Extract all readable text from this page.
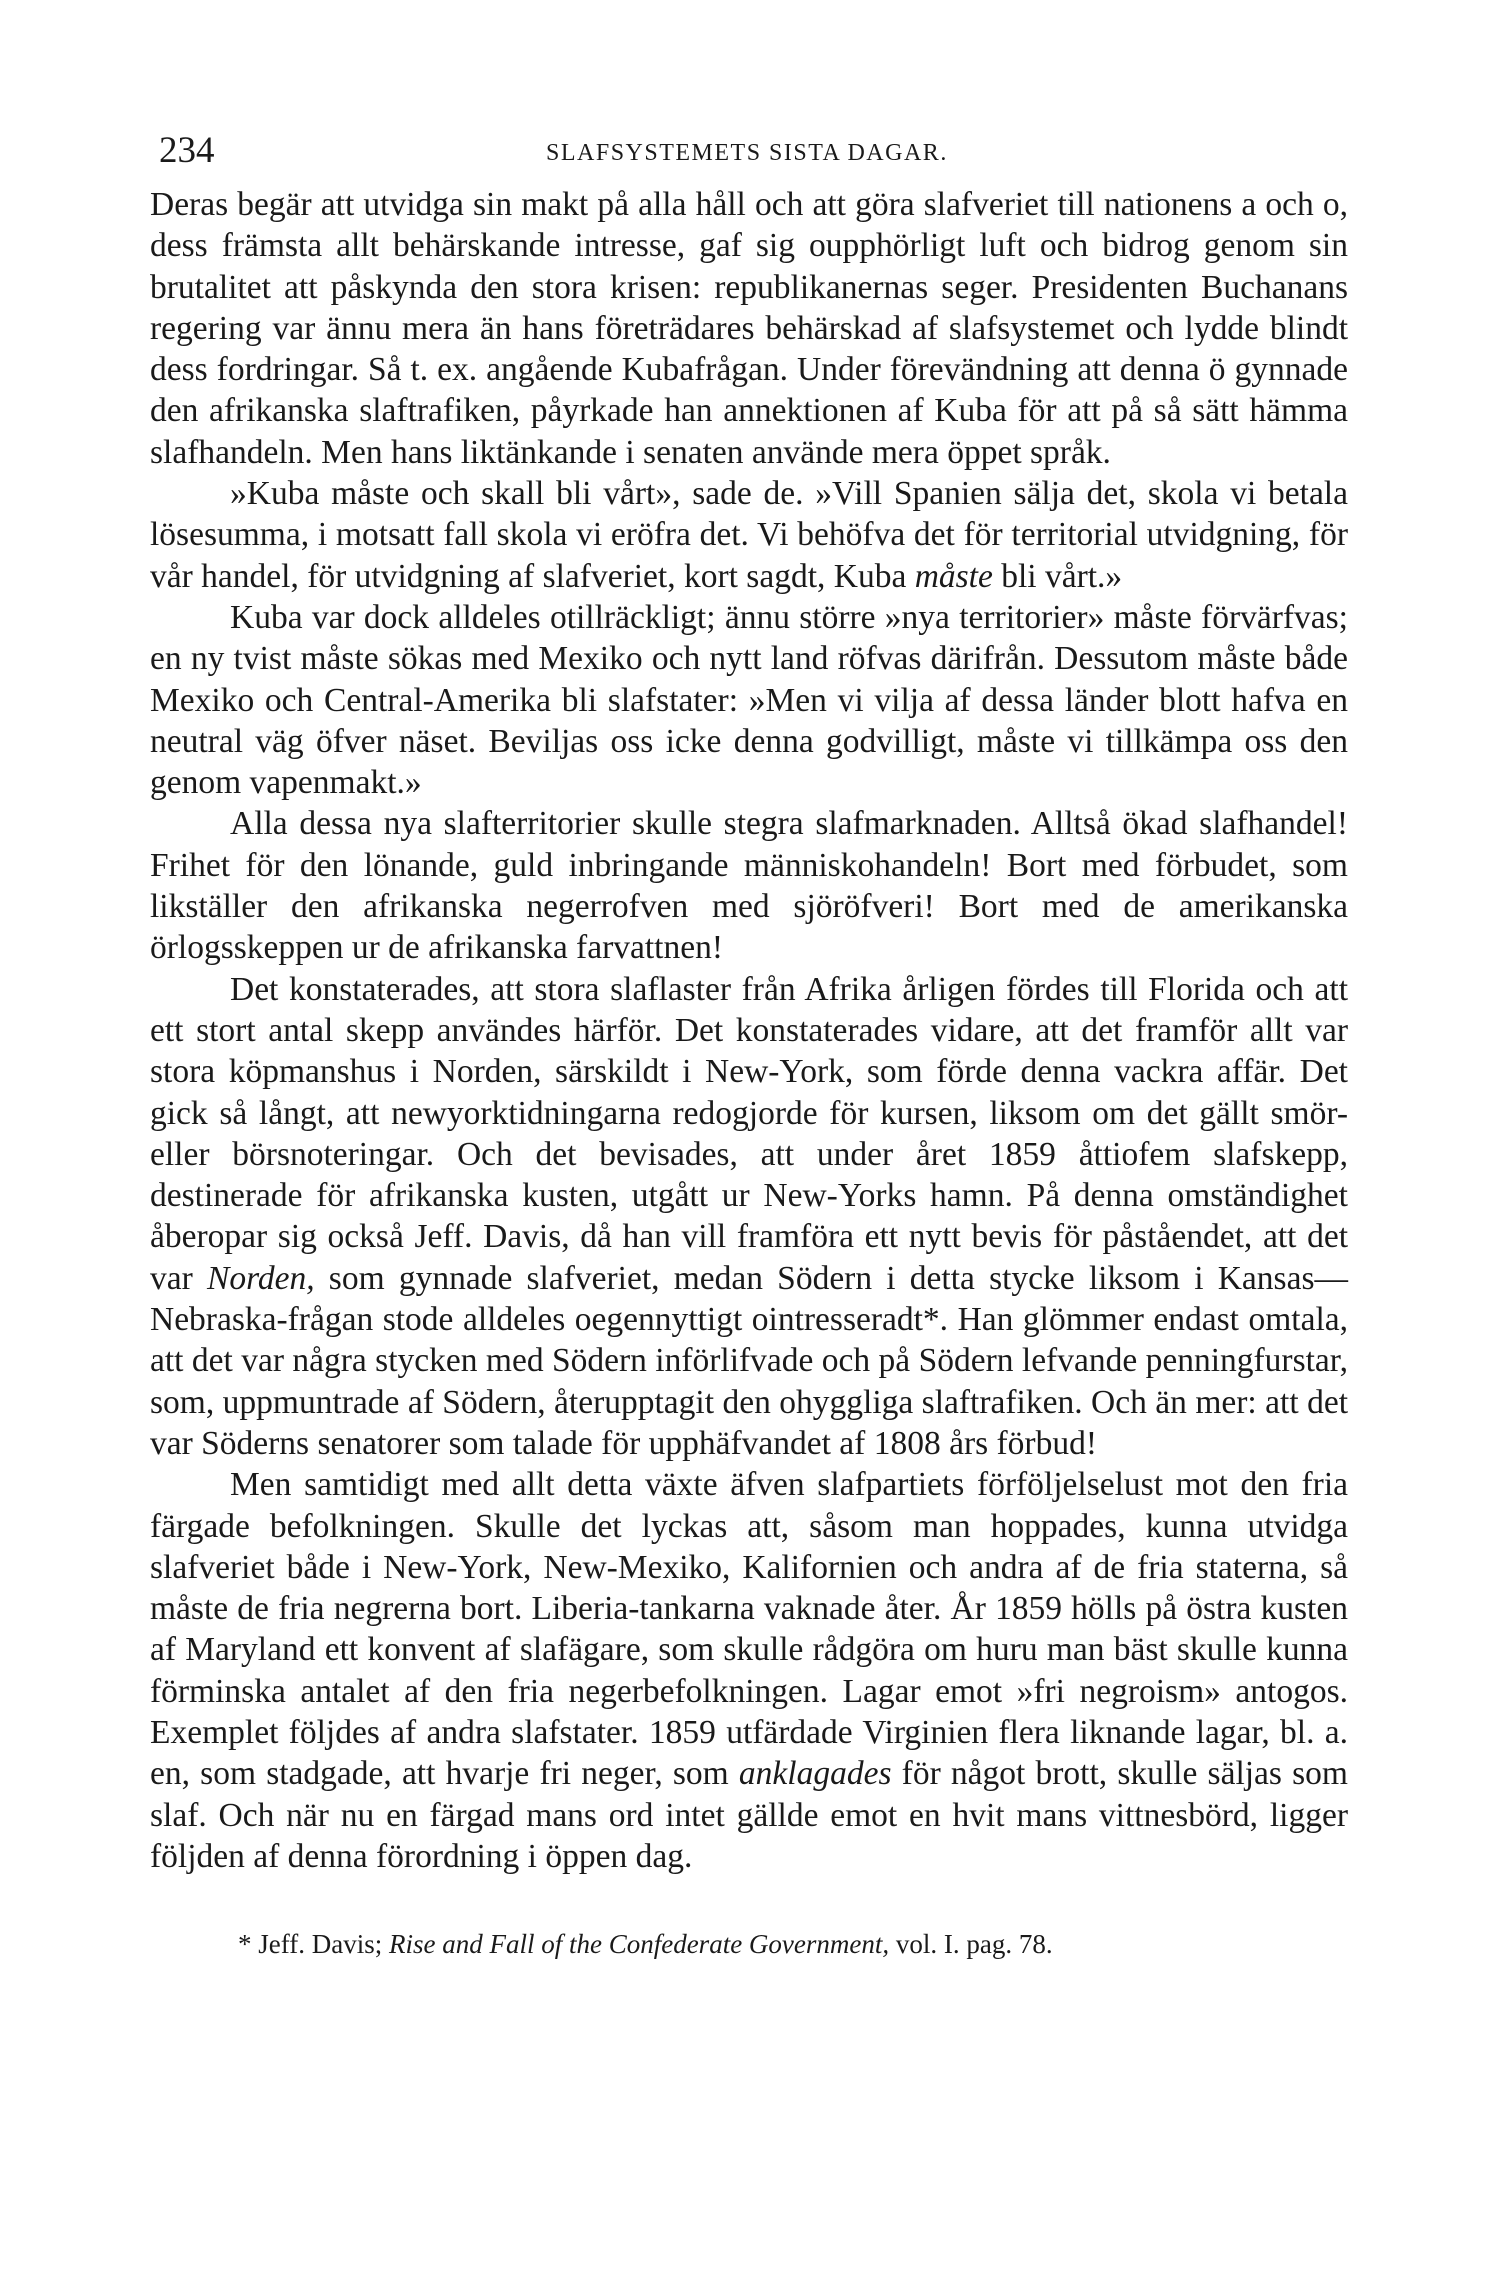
234	SLAFSYSTEMETS SISTA DAGAR.

Deras begär att utvidga sin makt på alla håll och att göra slafveriet till nationens a och o, dess främsta allt behärskande intresse, gaf sig oupphörligt luft och bidrog genom sin brutalitet att påskynda den stora krisen: republikanernas seger. Presidenten Buchanans regering var ännu mera än hans företrädares behärskad af slafsystemet och lydde blindt dess fordringar. Så t. ex. angående Kubafrågan. Under förevändning att denna ö gynnade den afrikanska slaftrafiken, påyrkade han annektionen af Kuba för att på så sätt hämma slafhandeln. Men hans liktänkande i senaten använde mera öppet språk.

»Kuba måste och skall bli vårt», sade de. »Vill Spanien sälja det, skola vi betala lösesumma, i motsatt fall skola vi eröfra det. Vi behöfva det för territorial utvidgning, för vår handel, för utvidgning af slafveriet, kort sagdt, Kuba måste bli vårt.»

Kuba var dock alldeles otillräckligt; ännu större »nya territorier» måste förvärfvas; en ny tvist måste sökas med Mexiko och nytt land röfvas därifrån. Dessutom måste både Mexiko och Central-Amerika bli slafstater: »Men vi vilja af dessa länder blott hafva en neutral väg öfver näset. Beviljas oss icke denna godvilligt, måste vi tillkämpa oss den genom vapenmakt.»

Alla dessa nya slafterritorier skulle stegra slafmarknaden. Alltså ökad slafhandel! Frihet för den lönande, guld inbringande människohandeln! Bort med förbudet, som likställer den afrikanska negerrofven med sjöröfveri! Bort med de amerikanska örlogsskeppen ur de afrikanska farvattnen!

Det konstaterades, att stora slaflaster från Afrika årligen fördes till Florida och att ett stort antal skepp användes härför. Det konstaterades vidare, att det framför allt var stora köpmanshus i Norden, särskildt i New-York, som förde denna vackra affär. Det gick så långt, att newyorktidningarna redogjorde för kursen, liksom om det gällt smör- eller börsnoteringar. Och det bevisades, att under året 1859 åttiofem slafskepp, destinerade för afrikanska kusten, utgått ur New-Yorks hamn. På denna omständighet åberopar sig också Jeff. Davis, då han vill framföra ett nytt bevis för påståendet, att det var Norden, som gynnade slafveriet, medan Södern i detta stycke liksom i Kansas—Nebraska-frågan stode alldeles oegennyttigt ointresseradt*. Han glömmer endast omtala, att det var några stycken med Södern införlifvade och på Södern lefvande penningfurstar, som, uppmuntrade af Södern, återupptagit den ohyggliga slaftrafiken. Och än mer: att det var Söderns senatorer som talade för upphäfvandet af 1808 års förbud!

Men samtidigt med allt detta växte äfven slafpartiets förföljelselust mot den fria färgade befolkningen. Skulle det lyckas att, såsom man hoppades, kunna utvidga slafveriet både i New-York, New-Mexiko, Kalifornien och andra af de fria staterna, så måste de fria negrerna bort. Liberia-tankarna vaknade åter. År 1859 hölls på östra kusten af Maryland ett konvent af slafägare, som skulle rådgöra om huru man bäst skulle kunna förminska antalet af den fria negerbefolkningen. Lagar emot »fri negroism» antogos. Exemplet följdes af andra slafstater. 1859 utfärdade Virginien flera liknande lagar, bl. a. en, som stadgade, att hvarje fri neger, som anklagades för något brott, skulle säljas som slaf. Och när nu en färgad mans ord intet gällde emot en hvit mans vittnesbörd, ligger följden af denna förordning i öppen dag.

* Jeff. Davis; Rise and Fall of the Confederate Government, vol. I. pag. 78.
